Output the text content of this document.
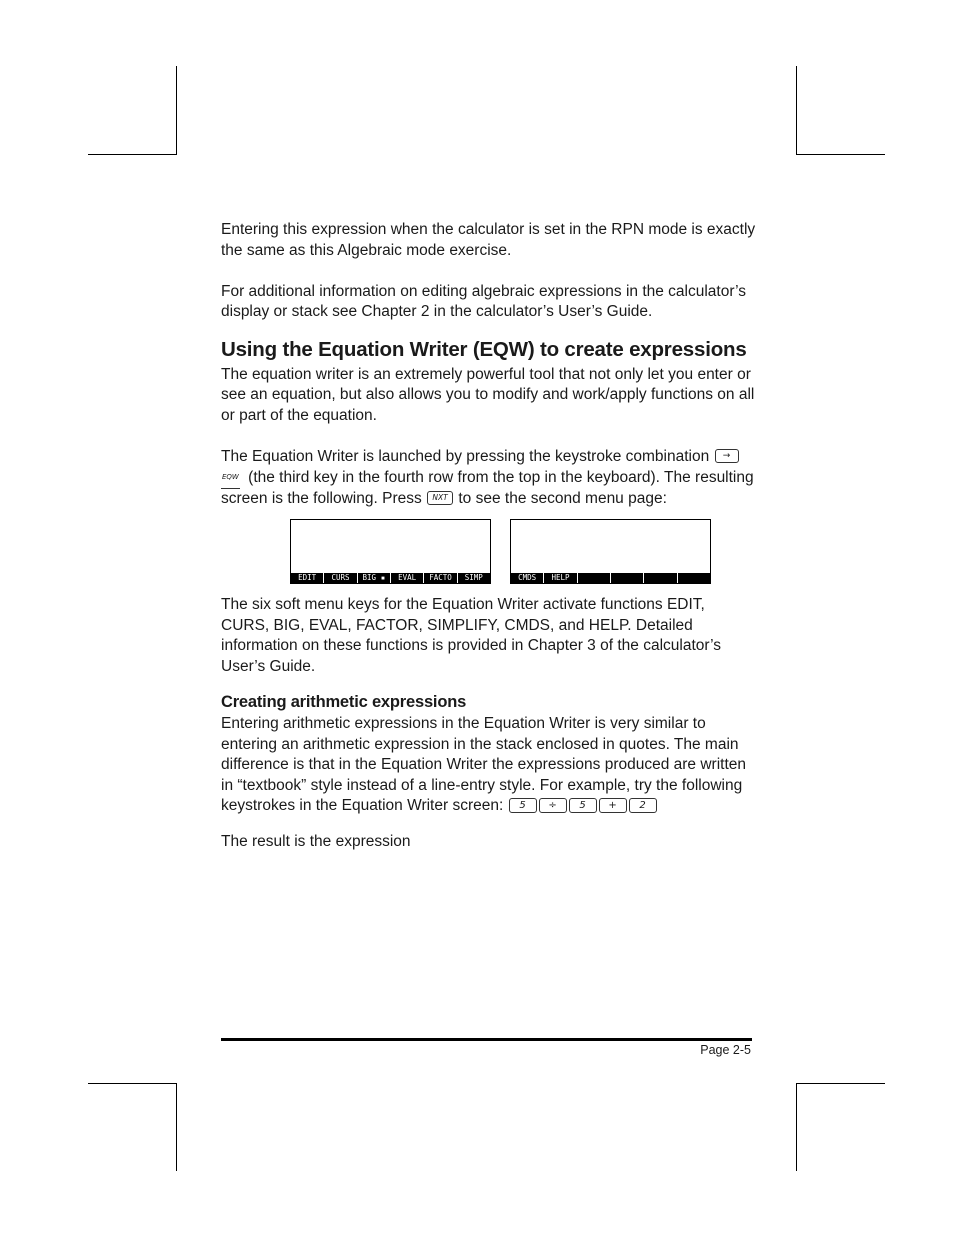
Entering this expression when the calculator is set in the RPN mode is exactly the same as this Algebraic mode exercise.

For additional information on editing algebraic expressions in the calculator’s display or stack see Chapter 2 in the calculator’s User’s Guide.

Using the Equation Writer (EQW) to create expressions

The equation writer is an extremely powerful tool that not only let you enter or see an equation, but also allows you to modify and work/apply functions on all or part of the equation.

The Equation Writer is launched by pressing the keystroke combination →EQW (the third key in the fourth row from the top in the keyboard). The resulting screen is the following. Press NXT to see the second menu page:

EDIT	CURS	BIG ▪	EVAL	FACTO	SIMP	CMDS	HELP

The six soft menu keys for the Equation Writer activate functions EDIT, CURS, BIG, EVAL, FACTOR, SIMPLIFY, CMDS, and HELP. Detailed information on these functions is provided in Chapter 3 of the calculator’s User’s Guide.

Creating arithmetic expressions

Entering arithmetic expressions in the Equation Writer is very similar to entering an arithmetic expression in the stack enclosed in quotes. The main difference is that in the Equation Writer the expressions produced are written in “textbook” style instead of a line-entry style. For example, try the following keystrokes in the Equation Writer screen: 5 ÷ 5 + 2

The result is the expression

Page 2-5
